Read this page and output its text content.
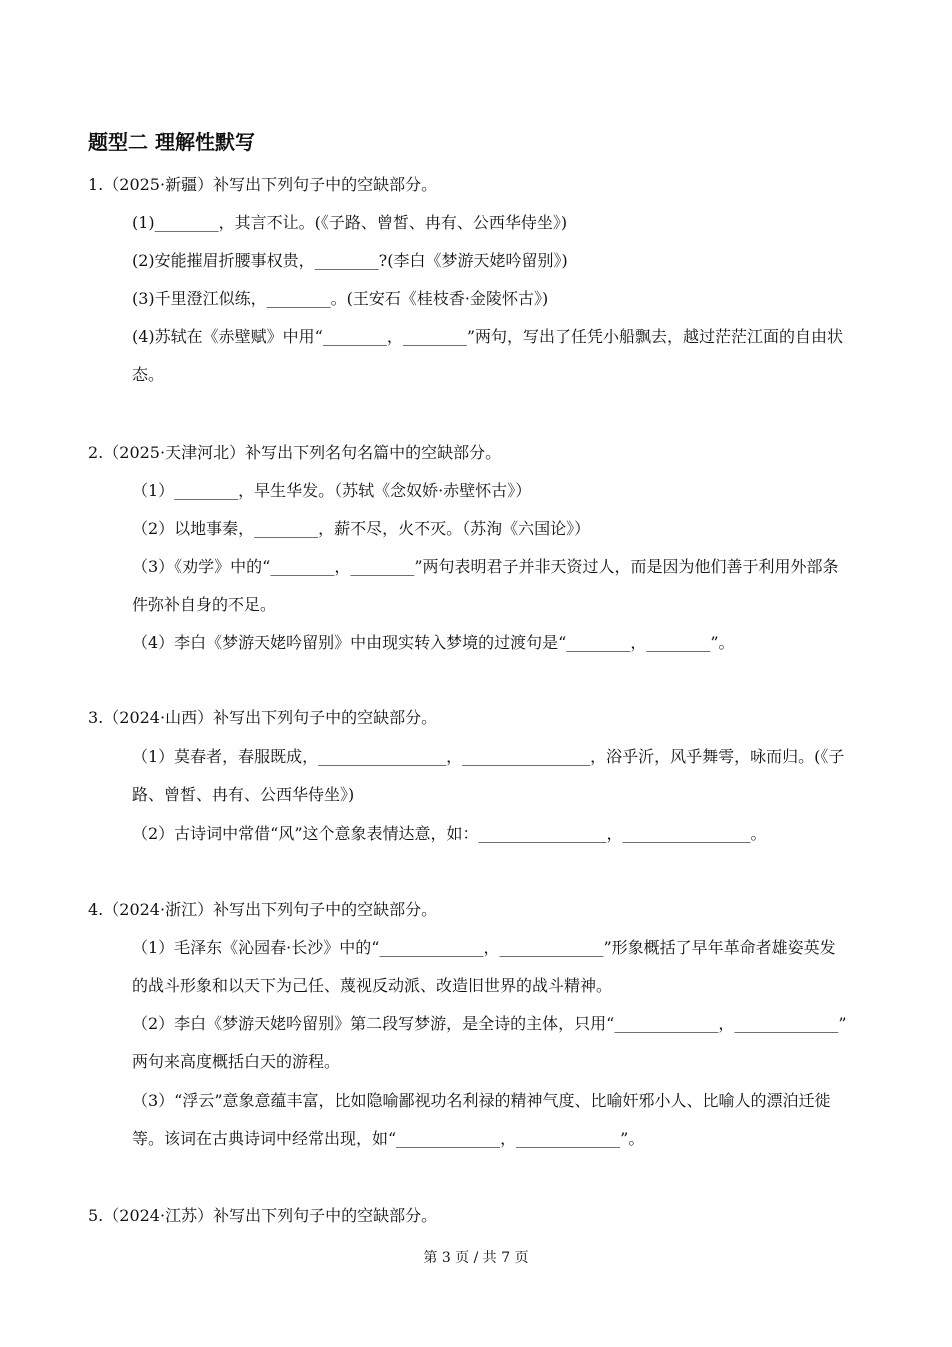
题型二 理解性默写
1.（2025·新疆）补写出下列句子中的空缺部分。
(1)________，其言不让。(《子路、曾皙、冉有、公西华侍坐》)
(2)安能摧眉折腰事权贵，________?(李白《梦游天姥吟留别》)
(3)千里澄江似练，________。(王安石《桂枝香·金陵怀古》)
(4)苏轼在《赤壁赋》中用“________，________”两句，写出了任凭小船飘去，越过茫茫江面的自由状
态。
2.（2025·天津河北）补写出下列名句名篇中的空缺部分。
（1）________，早生华发。（苏轼《念奴娇·赤壁怀古》）
（2）以地事秦，________，薪不尽，火不灭。（苏洵《六国论》）
（3）《劝学》中的“________，________”两句表明君子并非天资过人，而是因为他们善于利用外部条
件弥补自身的不足。
（4）李白《梦游天姥吟留别》中由现实转入梦境的过渡句是“________，________”。
3.（2024·山西）补写出下列句子中的空缺部分。
（1）莫春者，春服既成，________________，________________，浴乎沂，风乎舞雩，咏而归。(《子
路、曾皙、冉有、公西华侍坐》)
（2）古诗词中常借“风”这个意象表情达意，如：________________，________________。
4.（2024·浙江）补写出下列句子中的空缺部分。
（1）毛泽东《沁园春·长沙》中的“_____________，_____________”形象概括了早年革命者雄姿英发
的战斗形象和以天下为己任、蔑视反动派、改造旧世界的战斗精神。
（2）李白《梦游天姥吟留别》第二段写梦游，是全诗的主体，只用“_____________，_____________”
两句来高度概括白天的游程。
（3）“浮云”意象意蕴丰富，比如隐喻鄙视功名利禄的精神气度、比喻奸邪小人、比喻人的漂泊迁徙
等。该词在古典诗词中经常出现，如“_____________，_____________”。
5.（2024·江苏）补写出下列句子中的空缺部分。
第 3 页 / 共 7 页
